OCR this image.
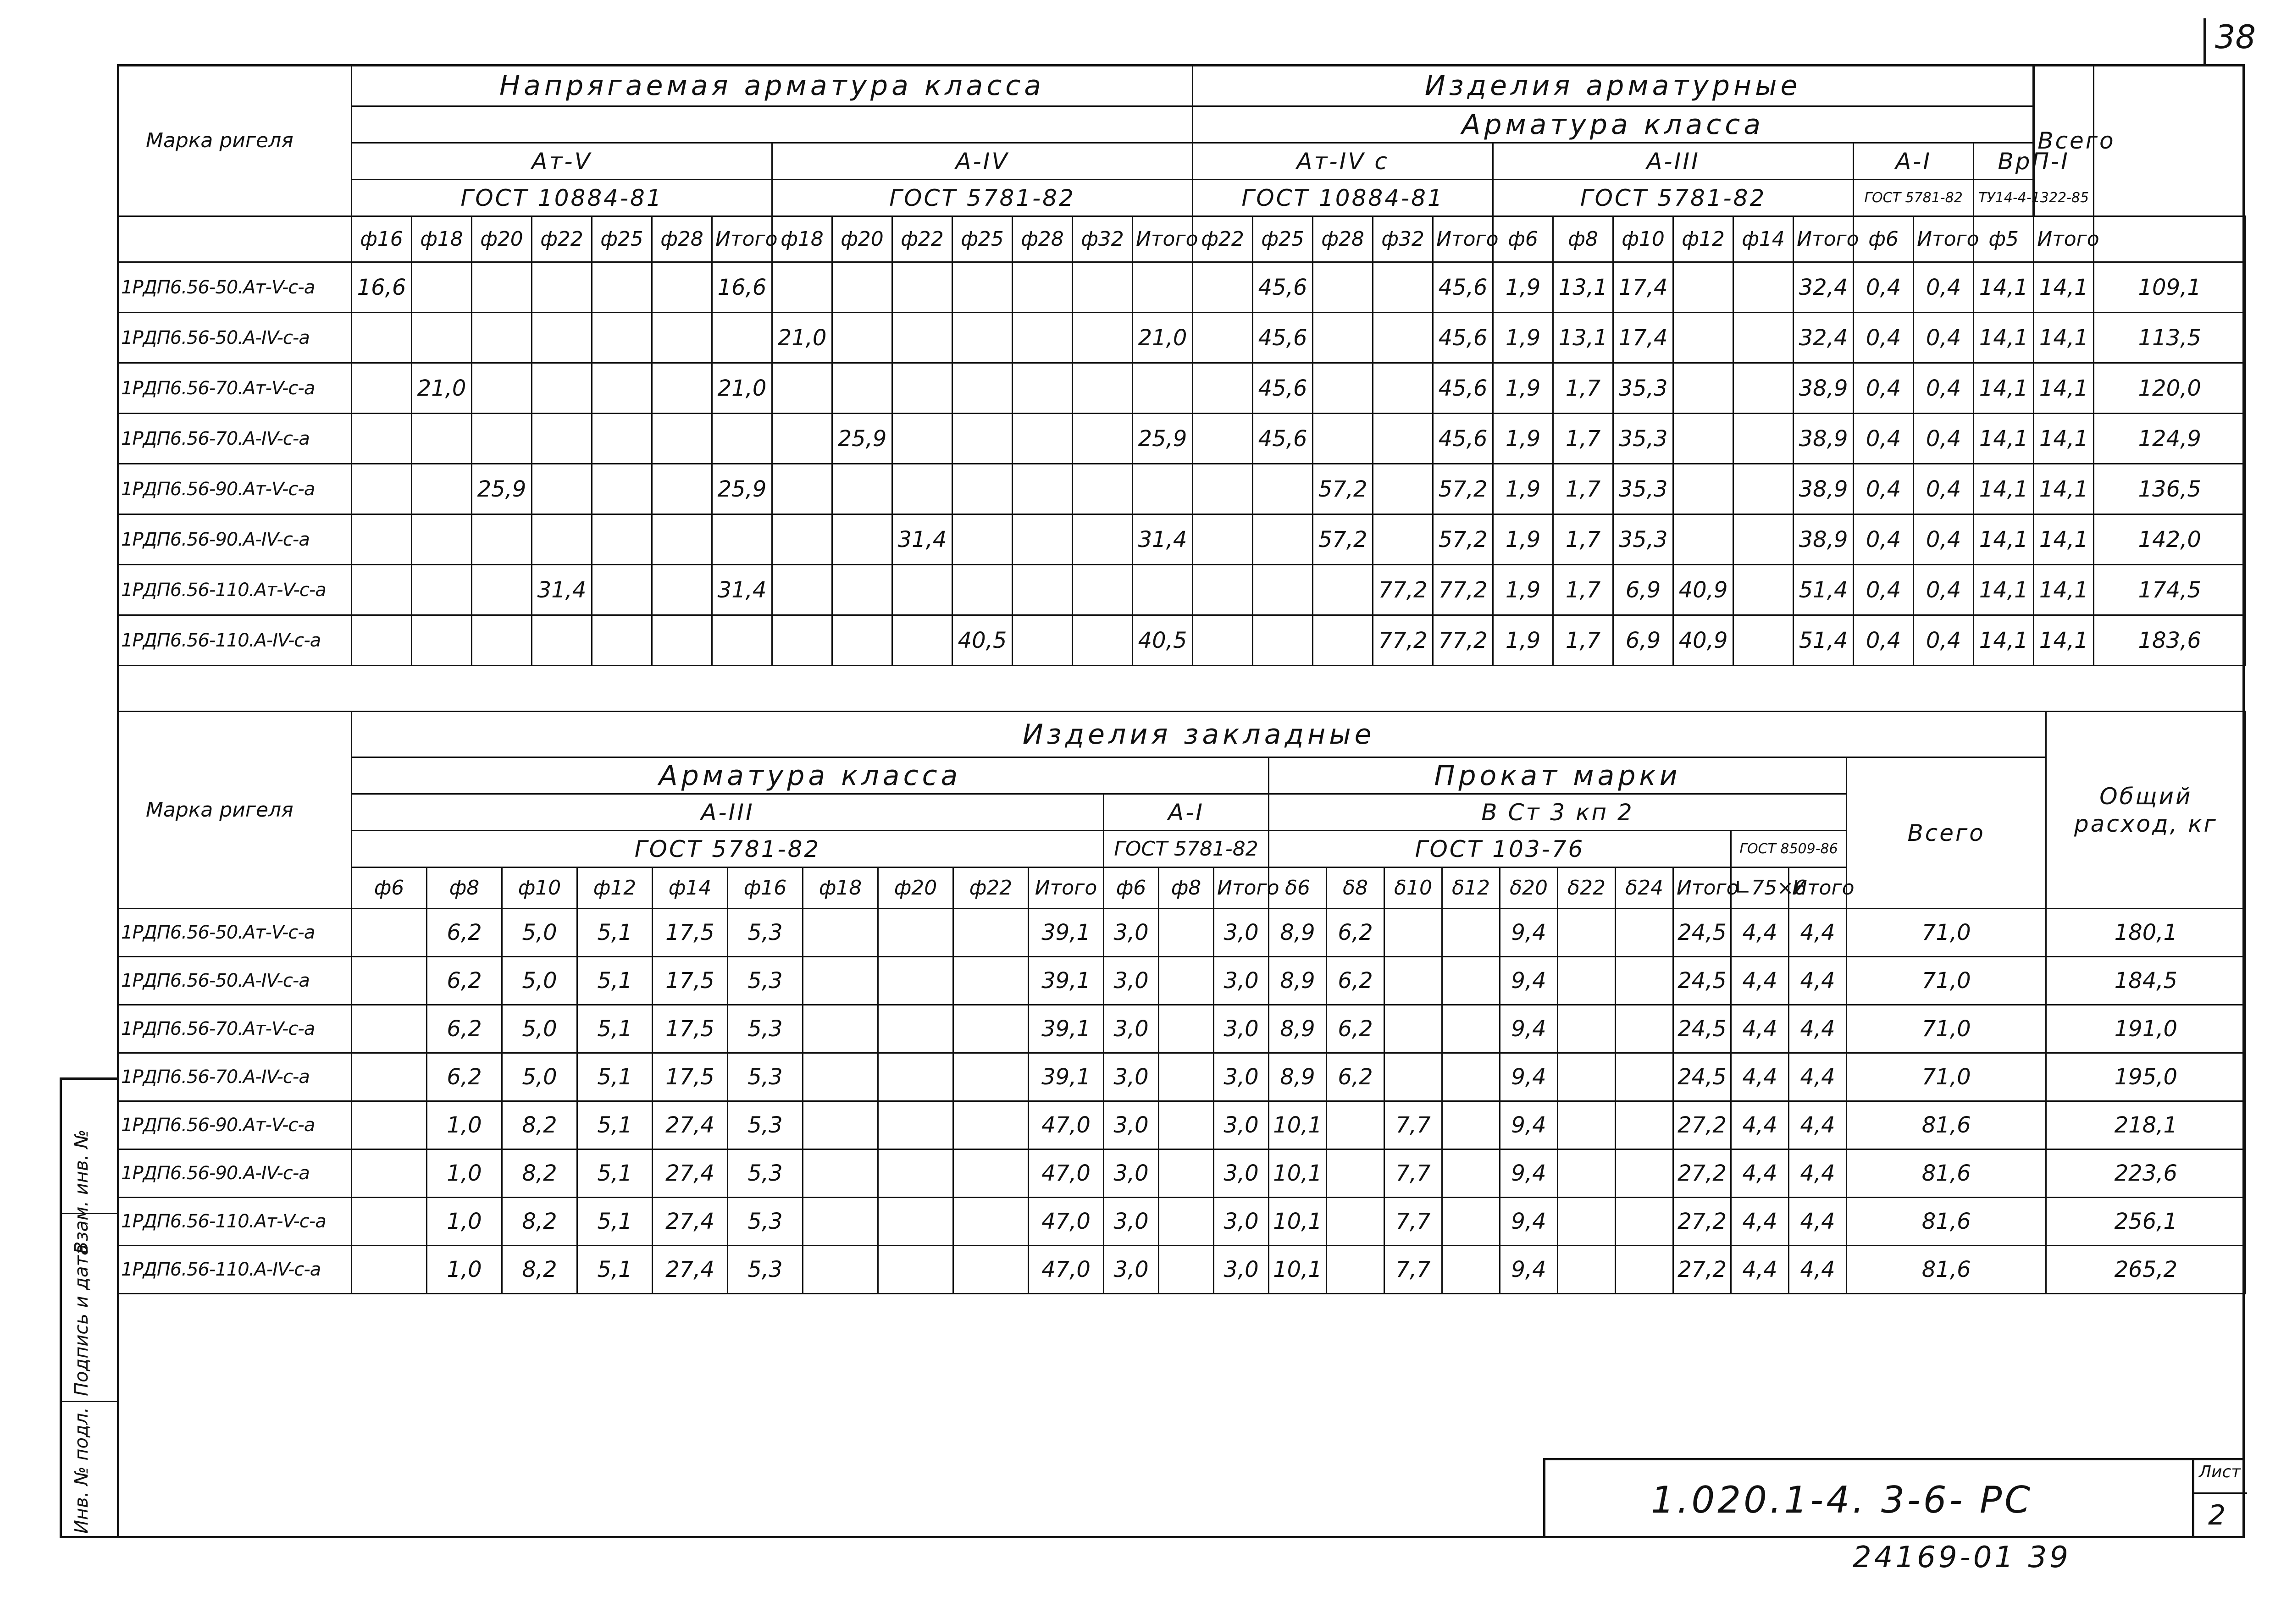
38
Марка ригеля	Напрягаемая арматура класса														Изделия арматурные														Всего	
															Арматура класса															
	Ат-V							А-IV							Ат-IV с					А-III						А-I		ВрП-I		
	ГОСТ 10884-81							ГОСТ 5781-82							ГОСТ 10884-81					ГОСТ 5781-82						ГОСТ 5781-82		ТУ14-4-1322-85		
	ф16	ф18	ф20	ф22	ф25	ф28	Итого	ф18	ф20	ф22	ф25	ф28	ф32	Итого	ф22	ф25	ф28	ф32	Итого	ф6	ф8	ф10	ф12	ф14	Итого	ф6	Итого	ф5	Итого	
1РДП6.56-50.Ат-V-с-а	16,6						16,6									45,6			45,6	1,9	13,1	17,4			32,4	0,4	0,4	14,1	14,1	109,1
1РДП6.56-50.А-IV-с-а								21,0						21,0		45,6			45,6	1,9	13,1	17,4			32,4	0,4	0,4	14,1	14,1	113,5
1РДП6.56-70.Ат-V-с-а		21,0					21,0									45,6			45,6	1,9	1,7	35,3			38,9	0,4	0,4	14,1	14,1	120,0
1РДП6.56-70.А-IV-с-а									25,9					25,9		45,6			45,6	1,9	1,7	35,3			38,9	0,4	0,4	14,1	14,1	124,9
1РДП6.56-90.Ат-V-с-а			25,9				25,9										57,2		57,2	1,9	1,7	35,3			38,9	0,4	0,4	14,1	14,1	136,5
1РДП6.56-90.А-IV-с-а										31,4				31,4			57,2		57,2	1,9	1,7	35,3			38,9	0,4	0,4	14,1	14,1	142,0
1РДП6.56-110.Ат-V-с-а				31,4			31,4											77,2	77,2	1,9	1,7	6,9	40,9		51,4	0,4	0,4	14,1	14,1	174,5
1РДП6.56-110.А-IV-с-а											40,5			40,5				77,2	77,2	1,9	1,7	6,9	40,9		51,4	0,4	0,4	14,1	14,1	183,6
Марка ригеля	Изделия закладные																								Общий расход, кг
	Арматура класса													Прокат марки										Всего	
	А-III										А-I			В Ст 3 кп 2											
	ГОСТ 5781-82										ГОСТ 5781-82			ГОСТ 103-76								ГОСТ 8509-86			
	ф6	ф8	ф10	ф12	ф14	ф16	ф18	ф20	ф22	Итого	ф6	ф8	Итого	δ6	δ8	δ10	δ12	δ20	δ22	δ24	Итого	∟75×6	Итого		
1РДП6.56-50.Ат-V-с-а		6,2	5,0	5,1	17,5	5,3				39,1	3,0		3,0	8,9	6,2			9,4			24,5	4,4	4,4	71,0	180,1
1РДП6.56-50.А-IV-с-а		6,2	5,0	5,1	17,5	5,3				39,1	3,0		3,0	8,9	6,2			9,4			24,5	4,4	4,4	71,0	184,5
1РДП6.56-70.Ат-V-с-а		6,2	5,0	5,1	17,5	5,3				39,1	3,0		3,0	8,9	6,2			9,4			24,5	4,4	4,4	71,0	191,0
1РДП6.56-70.А-IV-с-а		6,2	5,0	5,1	17,5	5,3				39,1	3,0		3,0	8,9	6,2			9,4			24,5	4,4	4,4	71,0	195,0
1РДП6.56-90.Ат-V-с-а		1,0	8,2	5,1	27,4	5,3				47,0	3,0		3,0	10,1		7,7		9,4			27,2	4,4	4,4	81,6	218,1
1РДП6.56-90.А-IV-с-а		1,0	8,2	5,1	27,4	5,3				47,0	3,0		3,0	10,1		7,7		9,4			27,2	4,4	4,4	81,6	223,6
1РДП6.56-110.Ат-V-с-а		1,0	8,2	5,1	27,4	5,3				47,0	3,0		3,0	10,1		7,7		9,4			27,2	4,4	4,4	81,6	256,1
1РДП6.56-110.А-IV-с-а		1,0	8,2	5,1	27,4	5,3				47,0	3,0		3,0	10,1		7,7		9,4			27,2	4,4	4,4	81,6	265,2
Взам. инв. №
Подпись и дата
Инв. № подл.	1.020.1-4. 3-6- РС
Лист
2
24169-01 39
